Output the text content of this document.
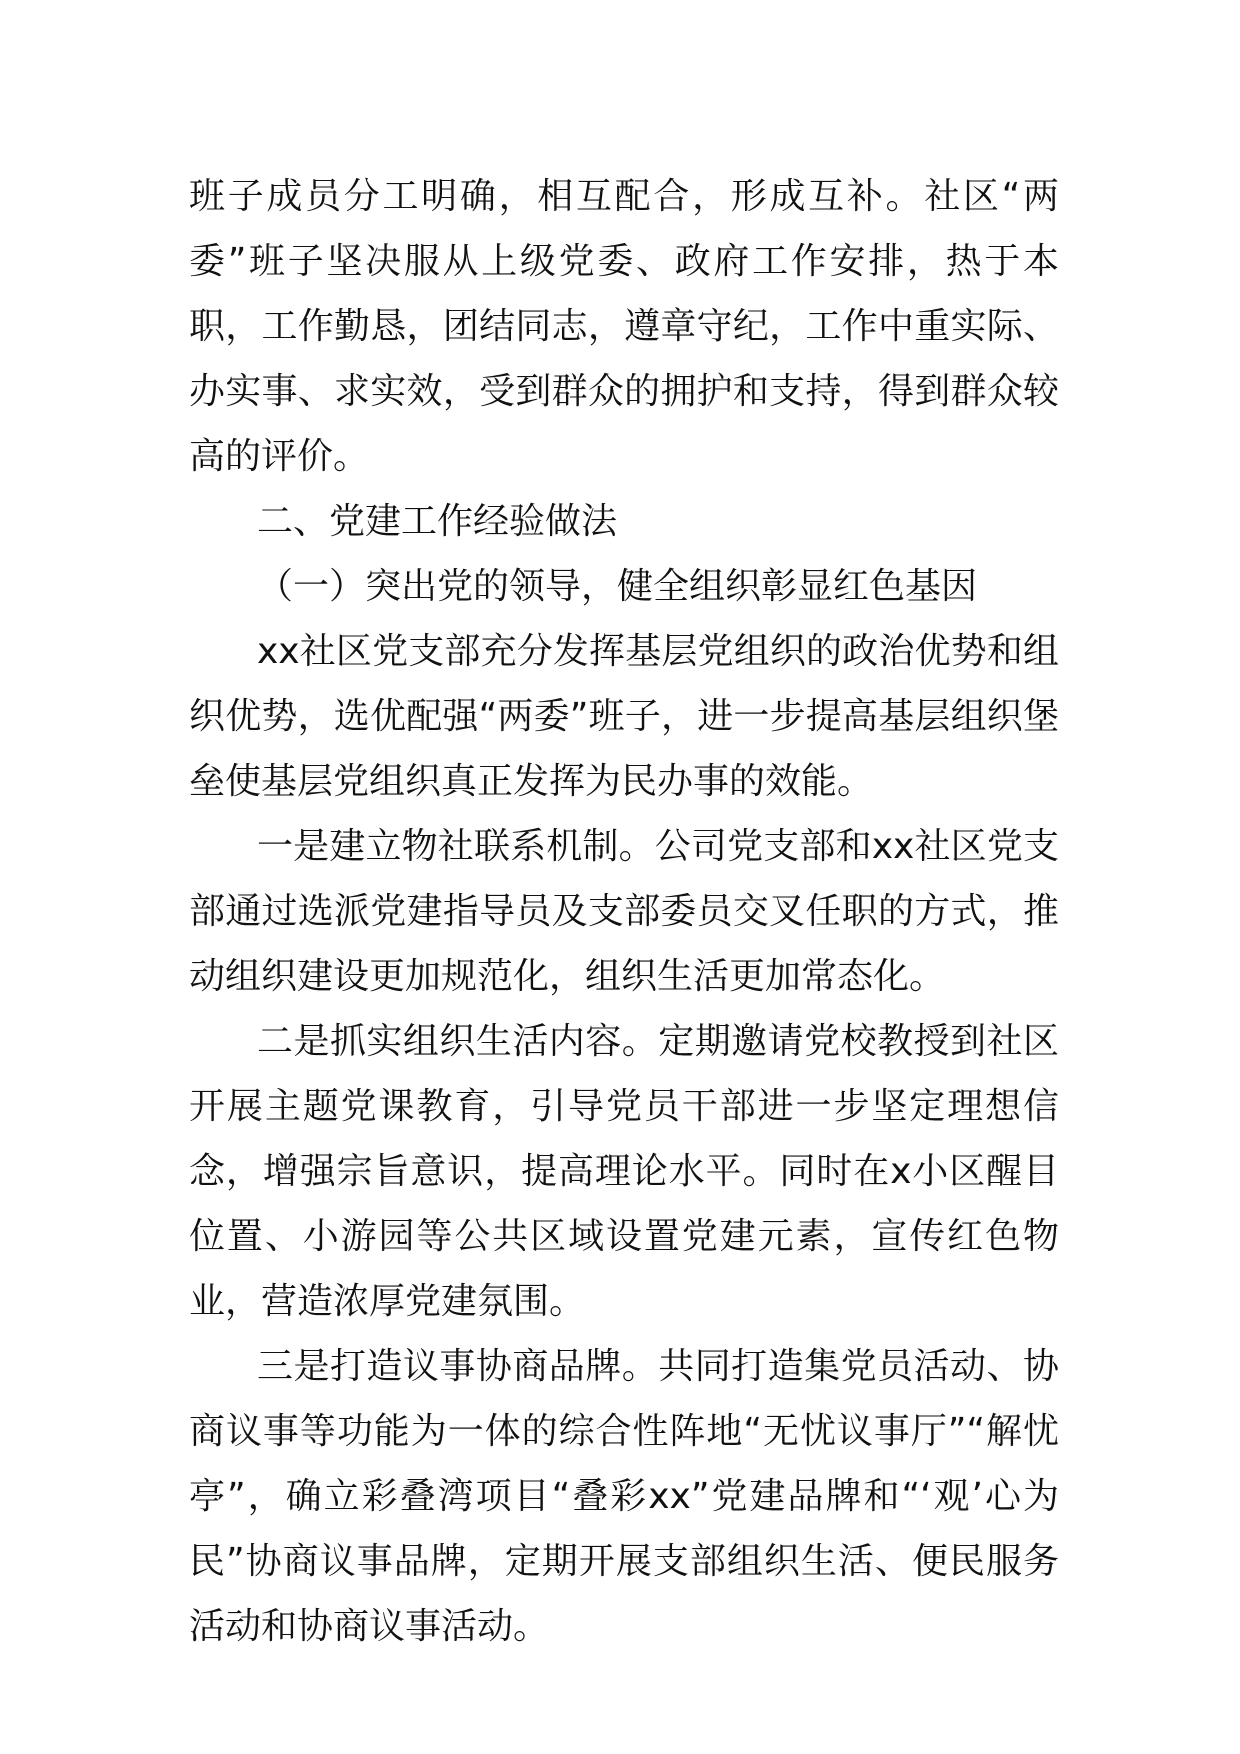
班子成员分工明确，相互配合，形成互补。社区“两委”班子坚决服从上级党委、政府工作安排，热于本职，工作勤恳，团结同志，遵章守纪，工作中重实际、办实事、求实效，受到群众的拥护和支持，得到群众较高的评价。

二、党建工作经验做法

（一）突出党的领导，健全组织彰显红色基因

xx社区党支部充分发挥基层党组织的政治优势和组织优势，选优配强“两委”班子，进一步提高基层组织堡垒使基层党组织真正发挥为民办事的效能。

一是建立物社联系机制。公司党支部和xx社区党支部通过选派党建指导员及支部委员交叉任职的方式，推动组织建设更加规范化，组织生活更加常态化。

二是抓实组织生活内容。定期邀请党校教授到社区开展主题党课教育，引导党员干部进一步坚定理想信念，增强宗旨意识，提高理论水平。同时在x小区醒目位置、小游园等公共区域设置党建元素，宣传红色物业，营造浓厚党建氛围。

三是打造议事协商品牌。共同打造集党员活动、协商议事等功能为一体的综合性阵地“无忧议事厅”“解忧亭”，确立彩叠湾项目“叠彩xx”党建品牌和“‘观’心为民”协商议事品牌，定期开展支部组织生活、便民服务活动和协商议事活动。
